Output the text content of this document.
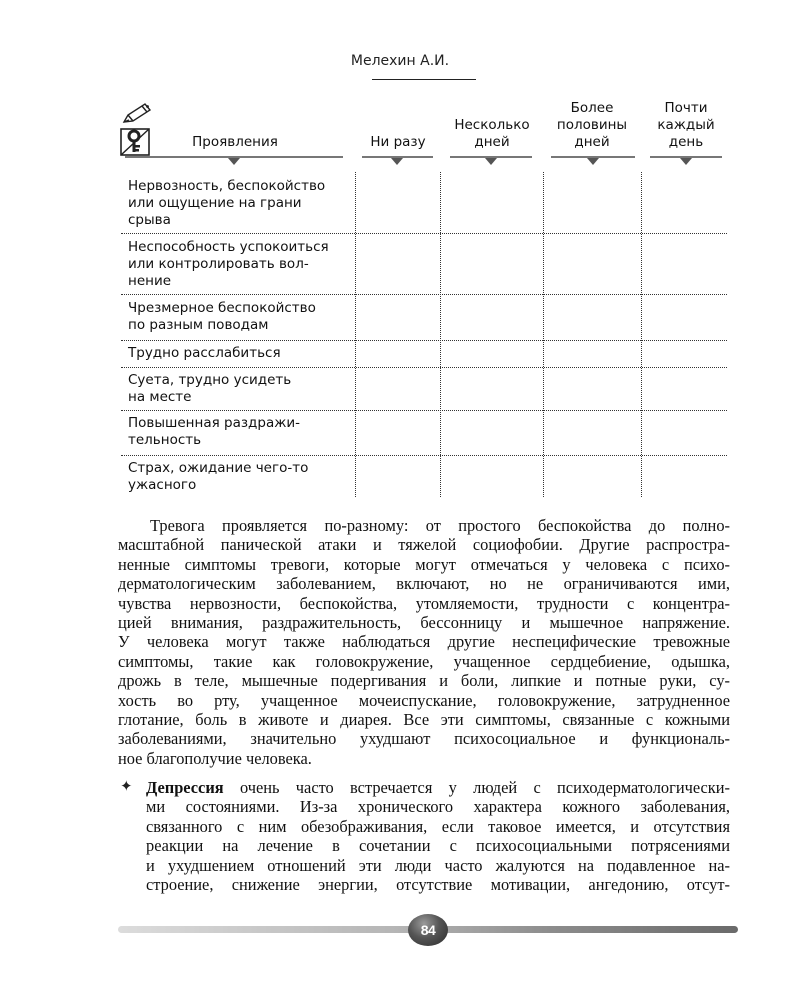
Мелехин А.И.
Проявления	Ни разу
Несколько
дней
Более
половины
дней
Почти
каждый
день
Нервозность, беспокойство
или ощущение на грани
срыва
Неспособность успокоиться
или контролировать вол-
нение
Чрезмерное беспокойство
по разным поводам
Трудно расслабиться
Суета, трудно усидеть
на месте
Повышенная раздражи-
тельность
Страх, ожидание чего-то
ужасного
Тревога проявляется по-разному: от простого беспокойства до полно-
масштабной панической атаки и тяжелой социофобии. Другие распростра-
ненные симптомы тревоги, которые могут отмечаться у человека с психо-
дерматологическим заболеванием, включают, но не ограничиваются ими,
чувства нервозности, беспокойства, утомляемости, трудности с концентра-
цией внимания, раздражительность, бессонницу и мышечное напряжение.
У человека могут также наблюдаться другие неспецифические тревожные
симптомы, такие как головокружение, учащенное сердцебиение, одышка,
дрожь в теле, мышечные подергивания и боли, липкие и потные руки, су-
хость во рту, учащенное мочеиспускание, головокружение, затрудненное
глотание, боль в животе и диарея. Все эти симптомы, связанные с кожными
заболеваниями, значительно ухудшают психосоциальное и функциональ-
ное благополучие человека.
✦ Депрессия очень часто встречается у людей с психодерматологически-
ми состояниями. Из-за хронического характера кожного заболевания,
связанного с ним обезображивания, если таковое имеется, и отсутствия
реакции на лечение в сочетании с психосоциальными потрясениями
и ухудшением отношений эти люди часто жалуются на подавленное на-
строение, снижение энергии, отсутствие мотивации, ангедонию, отсут-
84
